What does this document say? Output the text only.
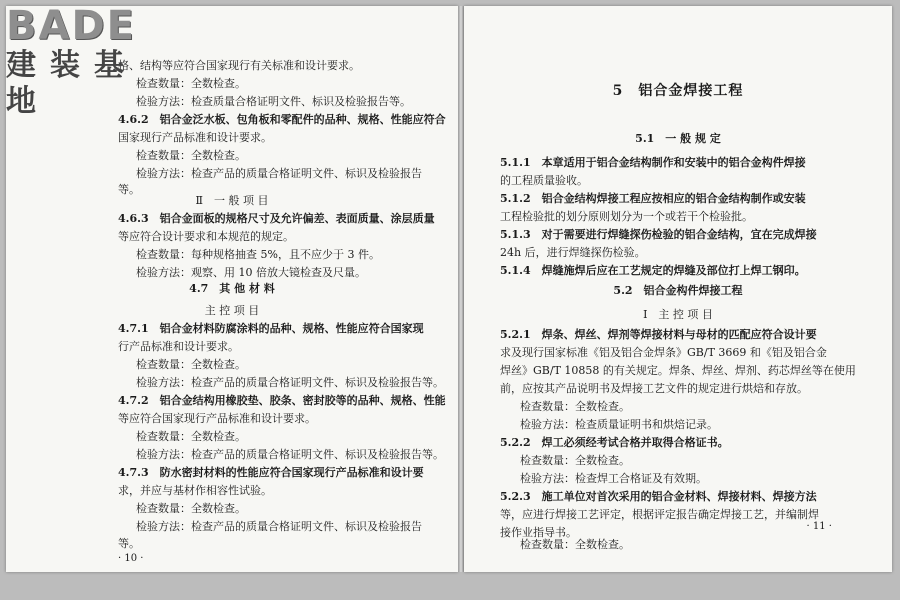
格、结构等应符合国家现行有关标准和设计要求。
检查数量：全数检查。
检验方法：检查质量合格证明文件、标识及检验报告等。
4.6.2　铝合金泛水板、包角板和零配件的品种、规格、性能应符合
国家现行产品标准和设计要求。
检查数量：全数检查。
检验方法：检查产品的质量合格证明文件、标识及检验报告
等。
Ⅱ　一 般 项 目
4.6.3　铝合金面板的规格尺寸及允许偏差、表面质量、涂层质量
等应符合设计要求和本规范的规定。
检查数量：每种规格抽查 5%，且不应少于 3 件。
检验方法：观察、用 10 倍放大镜检查及尺量。
4.7　其 他 材 料
主 控 项 目
4.7.1　铝合金材料防腐涂料的品种、规格、性能应符合国家现
行产品标准和设计要求。
检查数量：全数检查。
检验方法：检查产品的质量合格证明文件、标识及检验报告等。
4.7.2　铝合金结构用橡胶垫、胶条、密封胶等的品种、规格、性能
等应符合国家现行产品标准和设计要求。
检查数量：全数检查。
检验方法：检查产品的质量合格证明文件、标识及检验报告等。
4.7.3　防水密封材料的性能应符合国家现行产品标准和设计要
求，并应与基材作相容性试验。
检查数量：全数检查。
检验方法：检查产品的质量合格证明文件、标识及检验报告
等。
· 10 ·
5　铝合金焊接工程
5.1　一 般 规 定
5.1.1　本章适用于铝合金结构制作和安装中的铝合金构件焊接
的工程质量验收。
5.1.2　铝合金结构焊接工程应按相应的铝合金结构制作或安装
工程检验批的划分原则划分为一个或若干个检验批。
5.1.3　对于需要进行焊缝探伤检验的铝合金结构，宜在完成焊接
24h 后，进行焊缝探伤检验。
5.1.4　焊缝施焊后应在工艺规定的焊缝及部位打上焊工钢印。
5.2　铝合金构件焊接工程
Ⅰ　主 控 项 目
5.2.1　焊条、焊丝、焊剂等焊接材料与母材的匹配应符合设计要
求及现行国家标准《铝及铝合金焊条》GB/T 3669 和《铝及铝合金
焊丝》GB/T 10858 的有关规定。焊条、焊丝、焊剂、药芯焊丝等在使用
前，应按其产品说明书及焊接工艺文件的规定进行烘焙和存放。
检查数量：全数检查。
检验方法：检查质量证明书和烘焙记录。
5.2.2　焊工必须经考试合格并取得合格证书。
检查数量：全数检查。
检验方法：检查焊工合格证及有效期。
5.2.3　施工单位对首次采用的铝合金材料、焊接材料、焊接方法
等，应进行焊接工艺评定，根据评定报告确定焊接工艺，并编制焊
接作业指导书。
检查数量：全数检查。
· 11 ·
BADE
建装基地
